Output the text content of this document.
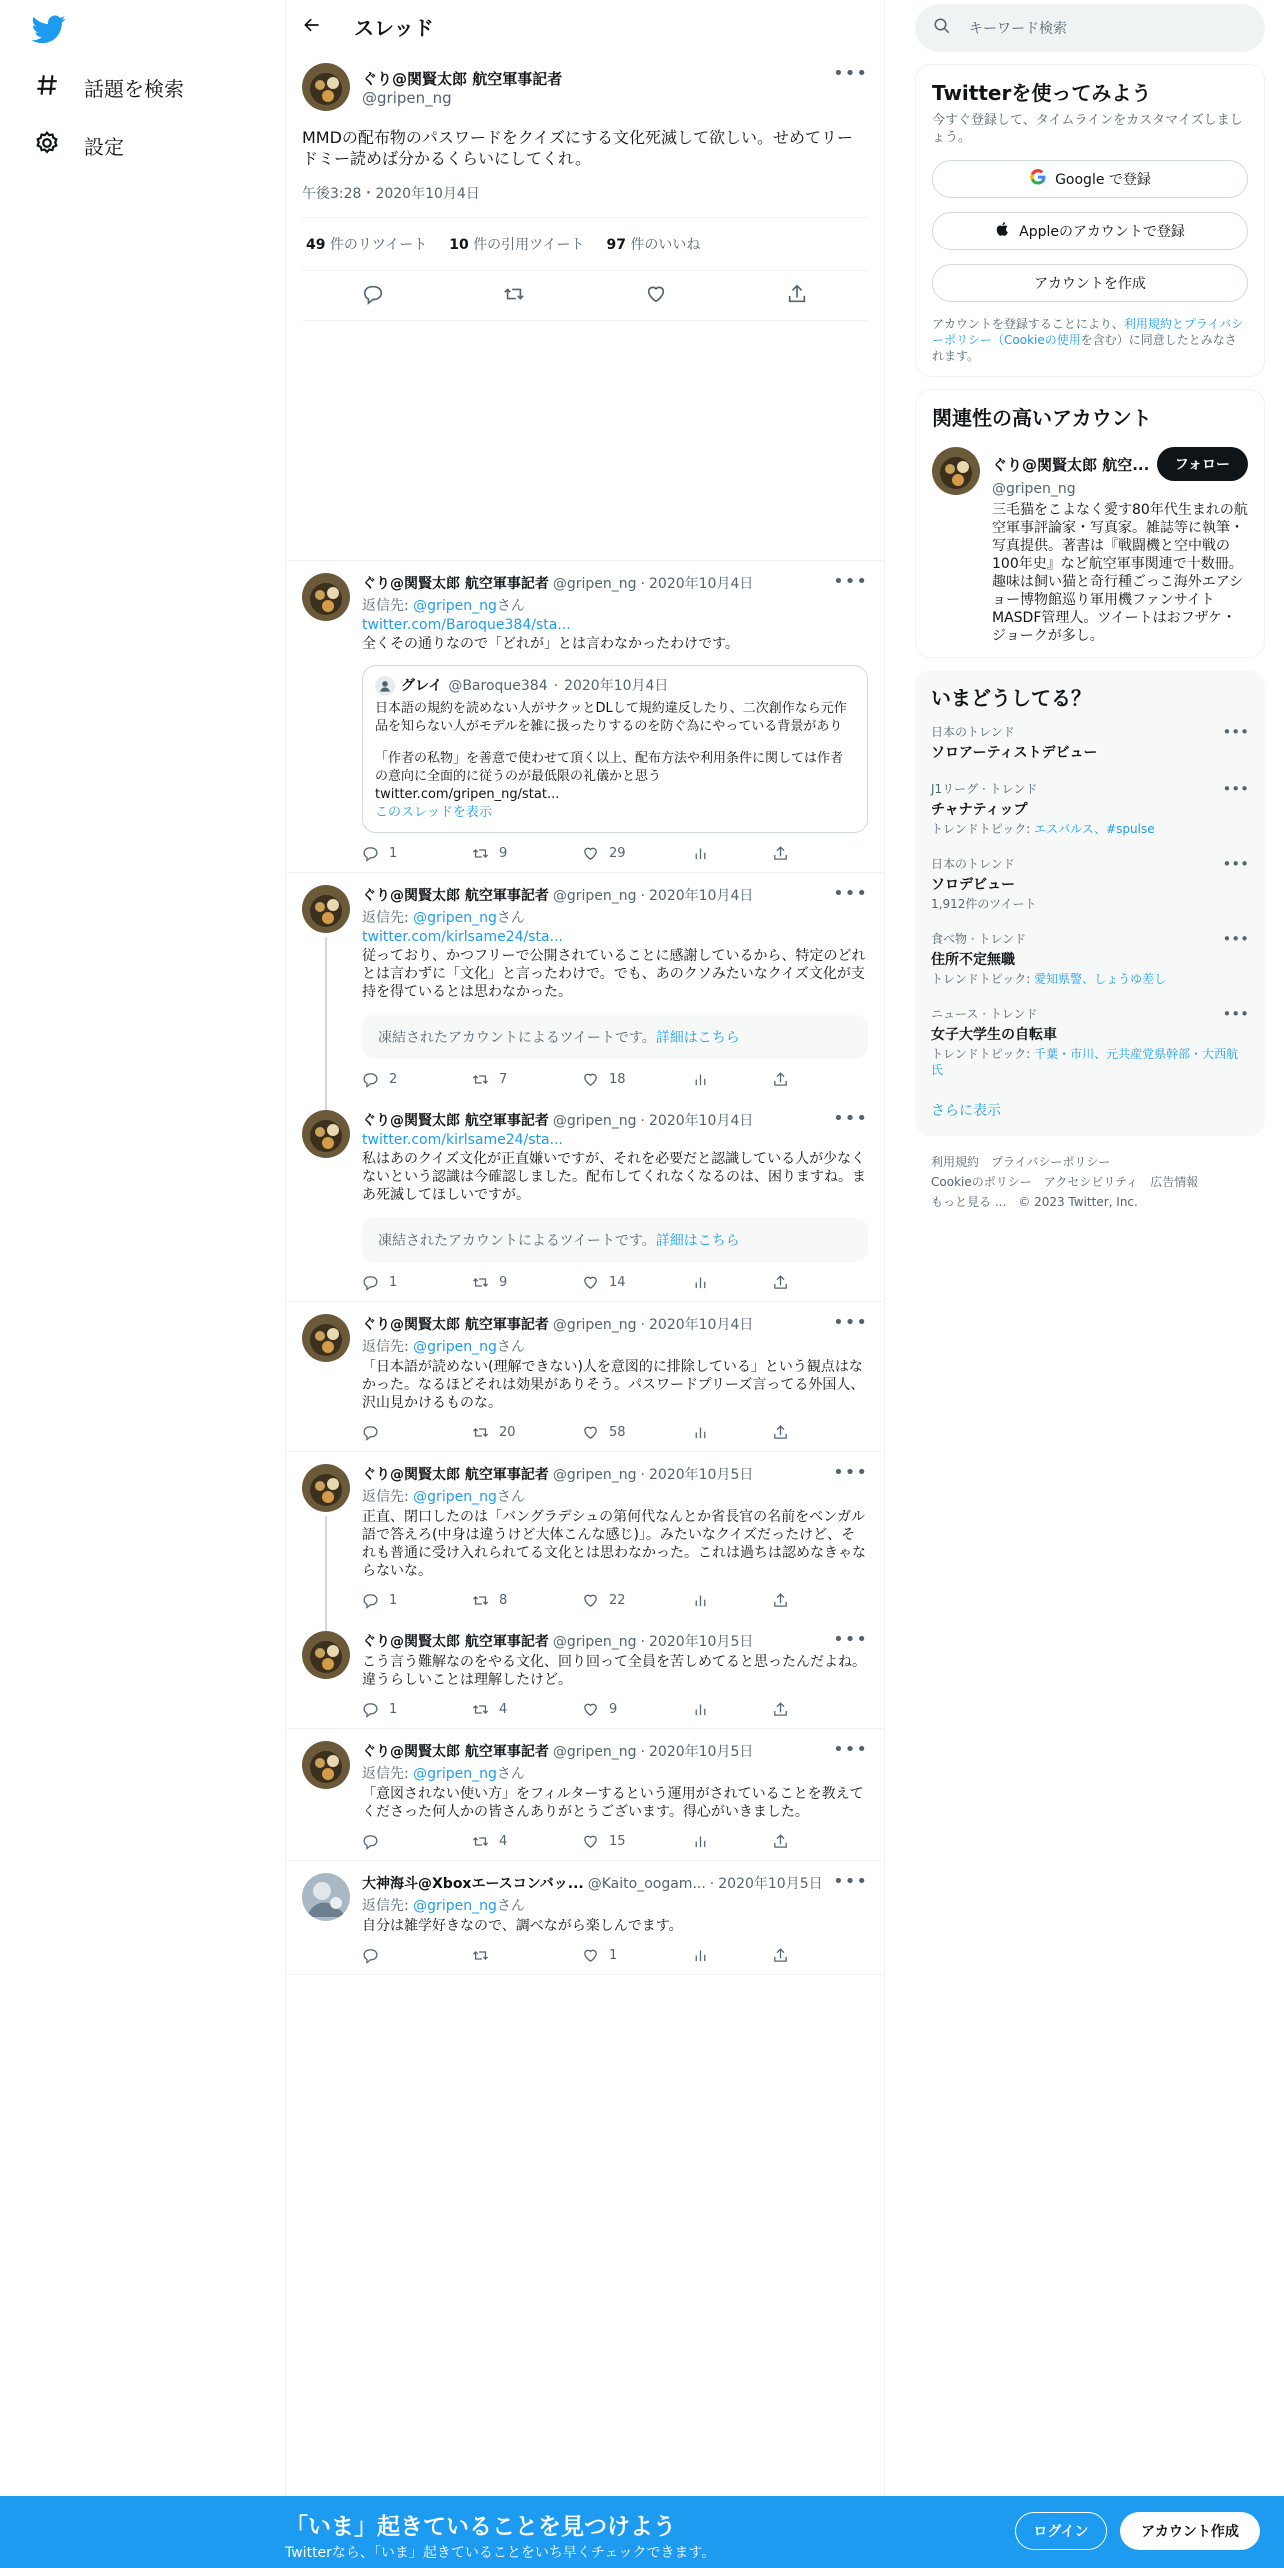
話題を検索
設定
スレッド
ぐり@関賢太郎 航空軍事記者
@gripen_ng
•••
MMDの配布物のパスワードをクイズにする文化死滅して欲しい。せめてリードミー読めば分かるくらいにしてくれ。
午後3:28・2020年10月4日
49 件のリツイート 10 件の引用ツイート 97 件のいいね
•••
ぐり@関賢太郎 航空軍事記者 @gripen_ng · 2020年10月4日
返信先: @gripen_ngさん
twitter.com/Baroque384/sta...
全くその通りなので「どれが」とは言わなかったわけです。
グレイ @Baroque384 · 2020年10月4日
日本語の規約を読めない人がサクッとDLして規約違反したり、二次創作なら元作品を知らない人がモデルを雑に扱ったりするのを防ぐ為にやっている背景があり
「作者の私物」を善意で使わせて頂く以上、配布方法や利用条件に関しては作者の意向に全面的に従うのが最低限の礼儀かと思う
twitter.com/gripen_ng/stat...
このスレッドを表示
1	9	29
•••
ぐり@関賢太郎 航空軍事記者 @gripen_ng · 2020年10月4日
返信先: @gripen_ngさん
twitter.com/kirlsame24/sta...
従っており、かつフリーで公開されていることに感謝しているから、特定のどれとは言わずに「文化」と言ったわけで。でも、あのクソみたいなクイズ文化が支持を得ているとは思わなかった。
凍結されたアカウントによるツイートです。詳細はこちら
2	7	18
•••
ぐり@関賢太郎 航空軍事記者 @gripen_ng · 2020年10月4日
twitter.com/kirlsame24/sta...
私はあのクイズ文化が正直嫌いですが、それを必要だと認識している人が少なくないという認識は今確認しました。配布してくれなくなるのは、困りますね。まあ死滅してほしいですが。
凍結されたアカウントによるツイートです。詳細はこちら
1	9	14
•••
ぐり@関賢太郎 航空軍事記者 @gripen_ng · 2020年10月4日
返信先: @gripen_ngさん
「日本語が読めない(理解できない)人を意図的に排除している」という観点はなかった。なるほどそれは効果がありそう。パスワードプリーズ言ってる外国人、沢山見かけるものな。
20	58
•••
ぐり@関賢太郎 航空軍事記者 @gripen_ng · 2020年10月5日
返信先: @gripen_ngさん
正直、閉口したのは「バングラデシュの第何代なんとか省長官の名前をベンガル語で答えろ(中身は違うけど大体こんな感じ)」。みたいなクイズだったけど、それも普通に受け入れられてる文化とは思わなかった。これは過ちは認めなきゃならないな。
1	8	22
•••
ぐり@関賢太郎 航空軍事記者 @gripen_ng · 2020年10月5日
こう言う難解なのをやる文化、回り回って全員を苦しめてると思ったんだよね。違うらしいことは理解したけど。
1	4	9
•••
ぐり@関賢太郎 航空軍事記者 @gripen_ng · 2020年10月5日
返信先: @gripen_ngさん
「意図されない使い方」をフィルターするという運用がされていることを教えてくださった何人かの皆さんありがとうございます。得心がいきました。
4	15
•••
大神海斗@Xboxエースコンバッ... @Kaito_oogam... · 2020年10月5日
返信先: @gripen_ngさん
自分は雑学好きなので、調べながら楽しんでます。
1
キーワード検索
Twitterを使ってみよう
今すぐ登録して、タイムラインをカスタマイズしましょう。
Google で登録
Appleのアカウントで登録
アカウントを作成
アカウントを登録することにより、利用規約とプライバシーポリシー（Cookieの使用を含む）に同意したとみなされます。
関連性の高いアカウント
ぐり@関賢太郎 航空...	フォロー
@gripen_ng
三毛猫をこよなく愛す80年代生まれの航空軍事評論家・写真家。雑誌等に執筆・写真提供。著書は『戦闘機と空中戦の100年史』など航空軍事関連で十数冊。趣味は飼い猫と奇行種ごっこ海外エアショー博物館巡り軍用機ファンサイトMASDF管理人。ツイートはおフザケ・ジョークが多し。
いまどうしてる？
日本のトレンド
ソロアーティストデビュー
•••
J1リーグ · トレンド
チャナティップ
トレンドトピック: エスパルス、#spulse
•••
日本のトレンド
ソロデビュー
1,912件のツイート
•••
食べ物 · トレンド
住所不定無職
トレンドトピック: 愛知県警、しょうゆ差し
•••
ニュース · トレンド
女子大学生の自転車
トレンドトピック: 千葉・市川、元共産党県幹部・大西航氏
•••
さらに表示
利用規約 プライバシーポリシー
Cookieのポリシー アクセシビリティ 広告情報
もっと見る ... © 2023 Twitter, Inc.
「いま」起きていることを見つけよう
Twitterなら、「いま」起きていることをいち早くチェックできます。
ログイン	アカウント作成
